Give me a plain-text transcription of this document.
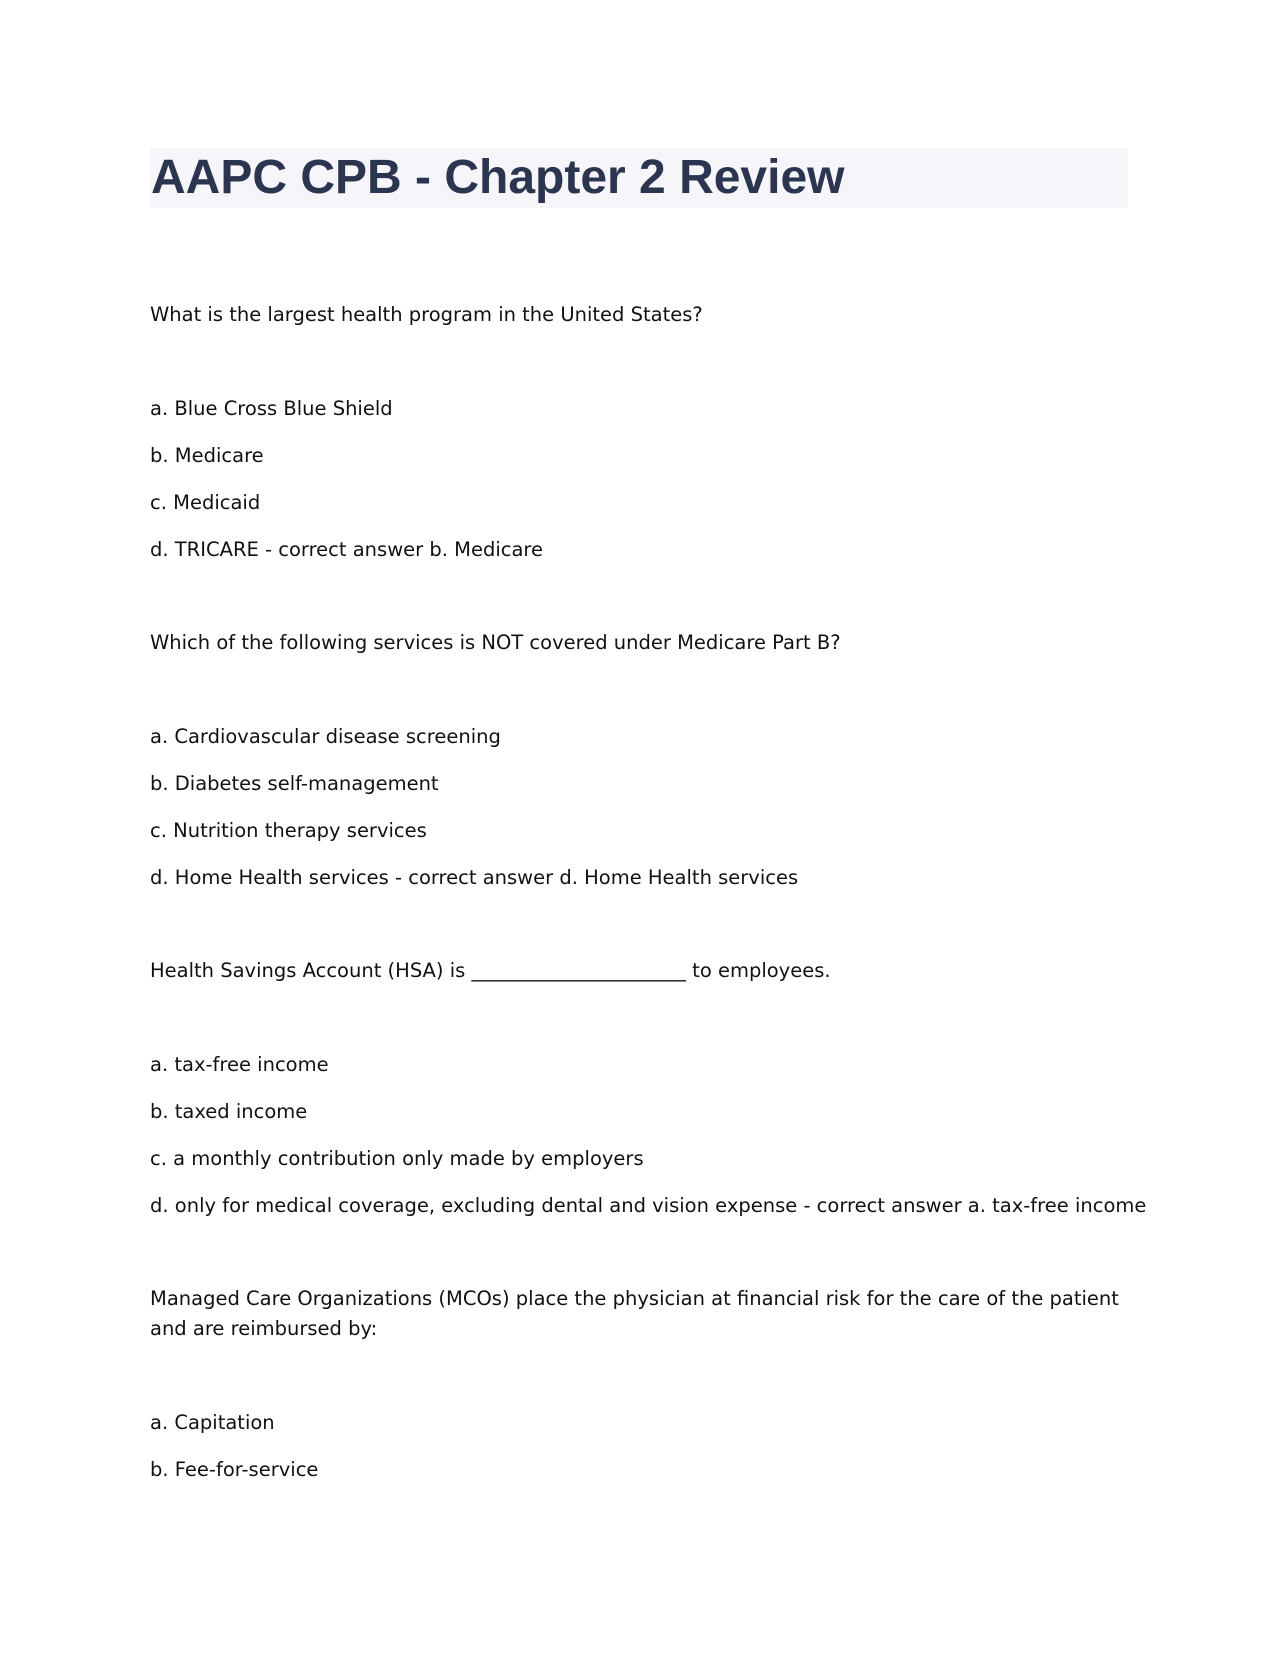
AAPC CPB - Chapter 2 Review

What is the largest health program in the United States?

a. Blue Cross Blue Shield
b. Medicare
c. Medicaid
d. TRICARE - correct answer b. Medicare

Which of the following services is NOT covered under Medicare Part B?

a. Cardiovascular disease screening
b. Diabetes self-management
c. Nutrition therapy services
d. Home Health services - correct answer d. Home Health services

Health Savings Account (HSA) is ______________________ to employees.

a. tax-free income
b. taxed income
c. a monthly contribution only made by employers
d. only for medical coverage, excluding dental and vision expense - correct answer a. tax-free income

Managed Care Organizations (MCOs) place the physician at financial risk for the care of the patient and are reimbursed by:

a. Capitation
b. Fee-for-service
